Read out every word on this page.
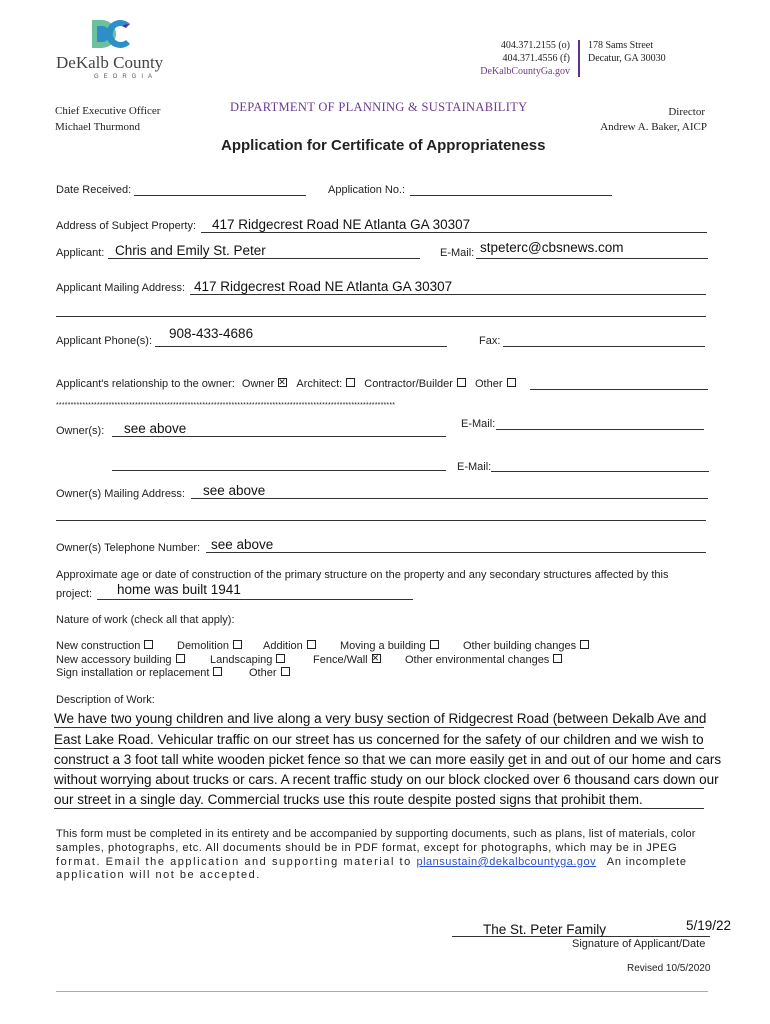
DeKalb County
GEORGIA
404.371.2155 (o)
404.371.4556 (f)
DeKalbCountyGa.gov
178 Sams Street
Decatur, GA 30030
Chief Executive Officer
Michael Thurmond
DEPARTMENT OF PLANNING & SUSTAINABILITY	Director
Andrew A. Baker, AICP
Application for Certificate of Appropriateness
Date Received:	Application No.:
Address of Subject Property: 417 Ridgecrest Road NE Atlanta GA 30307
Applicant: Chris and Emily St. Peter	E-Mail: stpeterc@cbsnews.com
Applicant Mailing Address: 417 Ridgecrest Road NE Atlanta GA 30307
Applicant Phone(s): 908-433-4686	Fax:
Applicant's relationship to the owner: Owner ✕ Architect: Contractor/Builder Other
********************************************************************************************************************
Owner(s): see above	E-Mail:
E-Mail:
Owner(s) Mailing Address: see above
Owner(s) Telephone Number: see above
Approximate age or date of construction of the primary structure on the property and any secondary structures affected by this
project: home was built 1941
Nature of work (check all that apply):
New construction	Demolition	Addition	Moving a building	Other building changes
New accessory building	Landscaping	Fence/Wall ✕	Other environmental changes
Sign installation or replacement	Other
Description of Work:
We have two young children and live along a very busy section of Ridgecrest Road (between Dekalb Ave and
East Lake Road. Vehicular traffic on our street has us concerned for the safety of our children and we wish to
construct a 3 foot tall white wooden picket fence so that we can more easily get in and out of our home and cars
without worrying about trucks or cars. A recent traffic study on our block clocked over 6 thousand cars down our
our street in a single day. Commercial trucks use this route despite posted signs that prohibit them.
This form must be completed in its entirety and be accompanied by supporting documents, such as plans, list of materials, color
samples, photographs, etc. All documents should be in PDF format, except for photographs, which may be in JPEG
format. Email the application and supporting material to plansustain@dekalbcountyga.gov An incomplete
application will not be accepted.
The St. Peter Family	5/19/22
Signature of Applicant/Date
Revised 10/5/2020
